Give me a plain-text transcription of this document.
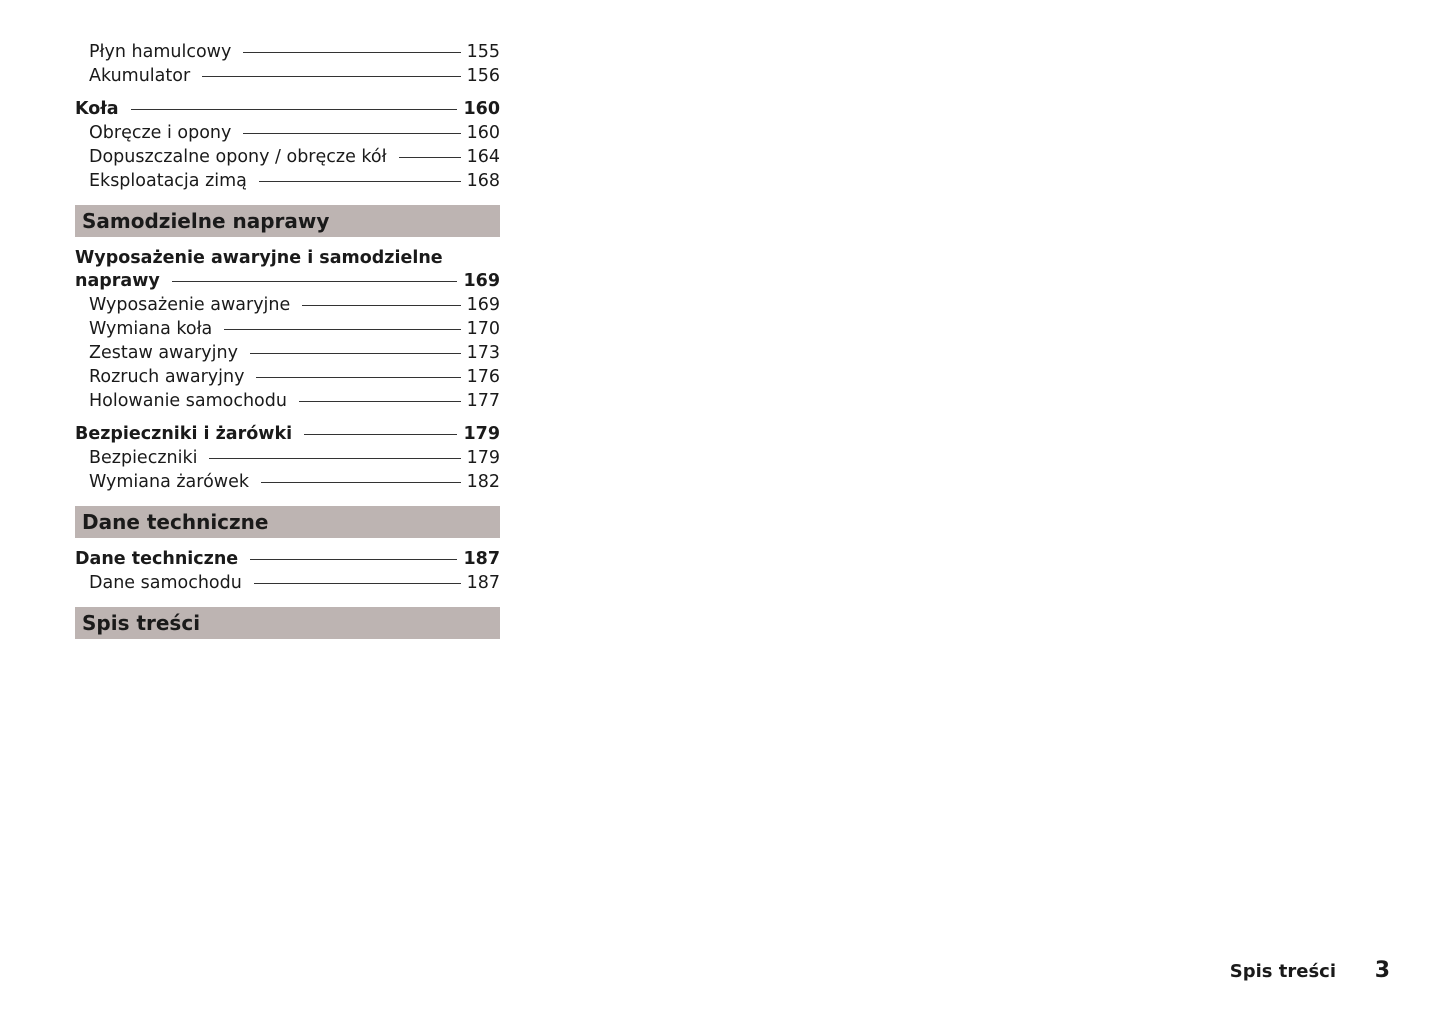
Płyn hamulcowy	155
Akumulator	156
Koła	160
Obręcze i opony	160
Dopuszczalne opony / obręcze kół	164
Eksploatacja zimą	168
Samodzielne naprawy
Wyposażenie awaryjne i samodzielne
naprawy	169
Wyposażenie awaryjne	169
Wymiana koła	170
Zestaw awaryjny	173
Rozruch awaryjny	176
Holowanie samochodu	177
Bezpieczniki i żarówki	179
Bezpieczniki	179
Wymiana żarówek	182
Dane techniczne
Dane techniczne	187
Dane samochodu	187
Spis treści
Spis treści 3
